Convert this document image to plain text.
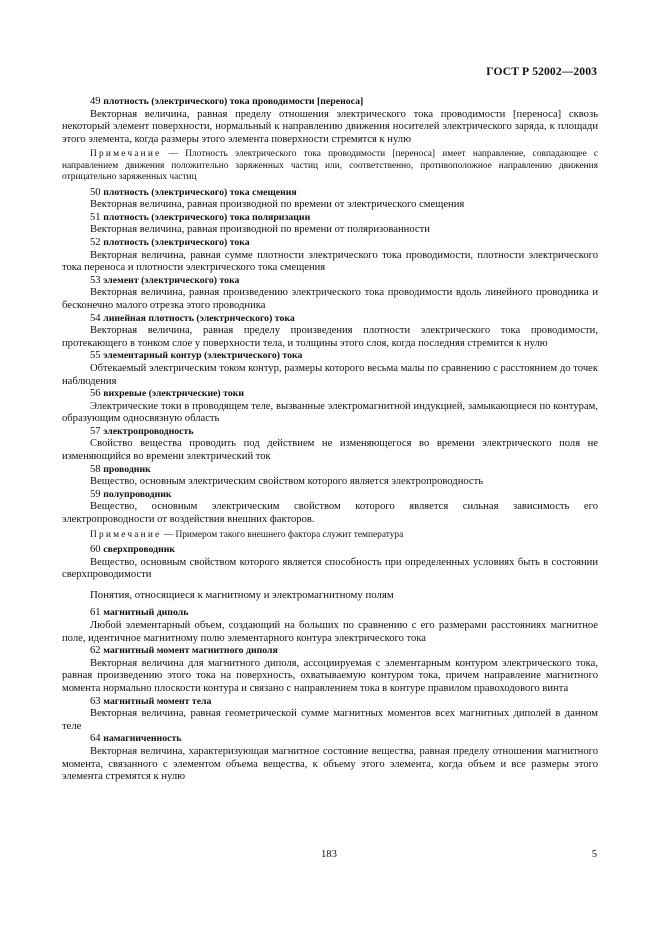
ГОСТ Р 52002—2003
49 плотность (электрического) тока проводимости [переноса]

Векторная величина, равная пределу отношения электрического тока проводимости [переноса] сквозь некоторый элемент поверхности, нормальный к направлению движения носителей электрического заряда, к площади этого элемента, когда размеры этого элемента поверхности стремятся к нулю

Примечание — Плотность электрического тока проводимости [переноса] имеет направление, совпадающее с направлением движения положительно заряженных частиц или, соответственно, противоположное направлению движения отрицательно заряженных частиц

50 плотность (электрического) тока смещения

Векторная величина, равная производной по времени от электрического смещения

51 плотность (электрического) тока поляризации

Векторная величина, равная производной по времени от поляризованности

52 плотность (электрического) тока

Векторная величина, равная сумме плотности электрического тока проводимости, плотности электрического тока переноса и плотности электрического тока смещения

53 элемент (электрического) тока

Векторная величина, равная произведению электрического тока проводимости вдоль линейного проводника и бесконечно малого отрезка этого проводника

54 линейная плотность (электрического) тока

Векторная величина, равная пределу произведения плотности электрического тока проводимости, протекающего в тонком слое у поверхности тела, и толщины этого слоя, когда последняя стремится к нулю

55 элементарный контур (электрического) тока

Обтекаемый электрическим током контур, размеры которого весьма малы по сравнению с расстоянием до точек наблюдения

56 вихревые (электрические) токи

Электрические токи в проводящем теле, вызванные электромагнитной индукцией, замыкающиеся по контурам, образующим односвязную область

57 электропроводность

Свойство вещества проводить под действием не изменяющегося во времени электрического поля не изменяющийся во времени электрический ток

58 проводник

Вещество, основным электрическим свойством которого является электропроводность

59 полупроводник

Вещество, основным электрическим свойством которого является сильная зависимость его электропроводности от воздействия внешних факторов.

Примечание — Примером такого внешнего фактора служит температура

60 сверхпроводник

Вещество, основным свойством которого является способность при определенных условиях быть в состоянии сверхпроводимости

Понятия, относящиеся к магнитному и электромагнитному полям

61 магнитный диполь

Любой элементарный объем, создающий на больших по сравнению с его размерами расстояниях магнитное поле, идентичное магнитному полю элементарного контура электрического тока

62 магнитный момент магнитного диполя

Векторная величина для магнитного диполя, ассоциируемая с элементарным контуром электрического тока, равная произведению этого тока на поверхность, охватываемую контуром тока, причем направление магнитного момента нормально плоскости контура и связано с направлением тока в контуре правилом правоходового винта

63 магнитный момент тела

Векторная величина, равная геометрической сумме магнитных моментов всех магнитных диполей в данном теле

64 намагниченность

Векторная величина, характеризующая магнитное состояние вещества, равная пределу отношения магнитного момента, связанного с элементом объема вещества, к объему этого элемента, когда объем и все размеры этого элемента стремятся к нулю

183	5
